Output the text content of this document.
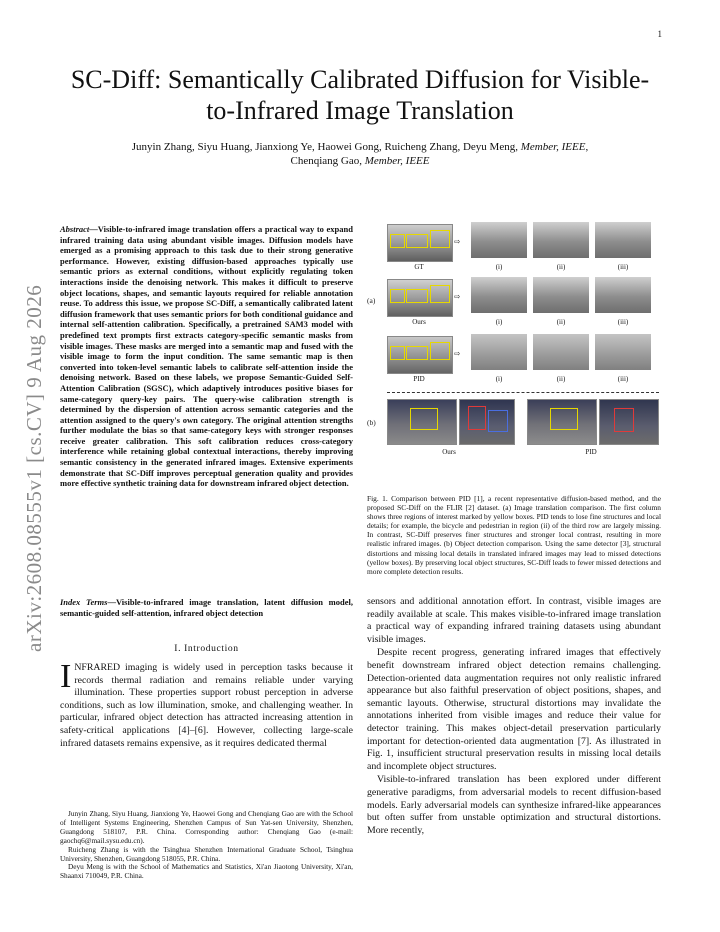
1
arXiv:2608.08555v1 [cs.CV] 9 Aug 2026
SC-Diff: Semantically Calibrated Diffusion for Visible-to-Infrared Image Translation
Junyin Zhang, Siyu Huang, Jianxiong Ye, Haowei Gong, Ruicheng Zhang, Deyu Meng, Member, IEEE,
Chenqiang Gao, Member, IEEE
Abstract—Visible-to-infrared image translation offers a practical way to expand infrared training data using abundant visible images. Diffusion models have emerged as a promising approach to this task due to their strong generative performance. However, existing diffusion-based approaches typically use semantic priors as external conditions, without explicitly regulating token interactions inside the denoising network. This makes it difficult to preserve object locations, shapes, and semantic layouts required for reliable annotation reuse. To address this issue, we propose SC-Diff, a semantically calibrated latent diffusion framework that uses semantic priors for both conditional guidance and internal self-attention calibration. Specifically, a pretrained SAM3 model with predefined text prompts first extracts category-specific semantic masks from visible images. These masks are merged into a semantic map and fused with the visible image to form the input condition. The same semantic map is then converted into token-level semantic labels to calibrate self-attention inside the denoising network. Based on these labels, we propose Semantic-Guided Self-Attention Calibration (SGSC), which adaptively introduces positive biases for same-category query-key pairs. The query-wise calibration strength is determined by the dispersion of attention across semantic categories and the attention assigned to the query's own category. The original attention strengths further modulate the bias so that same-category keys with stronger responses receive greater calibration. This soft calibration reduces cross-category interference while retaining global contextual interactions, thereby improving semantic consistency in the generated infrared images. Extensive experiments demonstrate that SC-Diff improves perceptual generation quality and provides more effective synthetic training data for downstream infrared object detection.
Index Terms—Visible-to-infrared image translation, latent diffusion model, semantic-guided self-attention, infrared object detection
I. Introduction
INFRARED imaging is widely used in perception tasks because it records thermal radiation and remains reliable under varying illumination. These properties support robust perception in adverse conditions, such as low illumination, smoke, and challenging weather. In particular, infrared object detection has attracted increasing attention in safety-critical applications [4]–[6]. However, collecting large-scale infrared datasets remains expensive, as it requires dedicated thermal

Junyin Zhang, Siyu Huang, Jianxiong Ye, Haowei Gong and Chenqiang Gao are with the School of Intelligent Systems Engineering, Shenzhen Campus of Sun Yat-sen University, Shenzhen, Guangdong 518107, P.R. China. Corresponding author: Chenqiang Gao (e-mail: gaochq6@mail.sysu.edu.cn).

Ruicheng Zhang is with the Tsinghua Shenzhen International Graduate School, Tsinghua University, Shenzhen, Guangdong 518055, P.R. China.

Deyu Meng is with the School of Mathematics and Statistics, Xi'an Jiaotong University, Xi'an, Shaanxi 710049, P.R. China.

(a)
⇨
GT	(i)	(ii)	(iii)
⇨
Ours	(i)	(ii)	(iii)
⇨
PID	(i)	(ii)	(iii)
(b)
Ours	PID
Fig. 1. Comparison between PID [1], a recent representative diffusion-based method, and the proposed SC-Diff on the FLIR [2] dataset. (a) Image translation comparison. The first column shows three regions of interest marked by yellow boxes. PID tends to lose fine structures and local details; for example, the bicycle and pedestrian in region (ii) of the third row are largely missing. In contrast, SC-Diff preserves finer structures and stronger local contrast, resulting in more realistic infrared images. (b) Object detection comparison. Using the same detector [3], structural distortions and missing local details in translated infrared images may lead to missed detections (yellow boxes). By preserving local object structures, SC-Diff leads to fewer missed detections and more complete detection results.

sensors and additional annotation effort. In contrast, visible images are readily available at scale. This makes visible-to-infrared image translation a practical way of expanding infrared training datasets using abundant visible images.

Despite recent progress, generating infrared images that effectively benefit downstream infrared object detection remains challenging. Detection-oriented data augmentation requires not only realistic infrared appearance but also faithful preservation of object positions, shapes, and semantic layouts. Otherwise, structural distortions may invalidate the annotations inherited from visible images and reduce their value for detector training. This makes object-detail preservation particularly important for detection-oriented data augmentation [7]. As illustrated in Fig. 1, insufficient structural preservation results in missing local details and incomplete object structures.

Visible-to-infrared translation has been explored under different generative paradigms, from adversarial models to recent diffusion-based models. Early adversarial models can synthesize infrared-like appearances but often suffer from unstable optimization and structural distortions. More recently,
